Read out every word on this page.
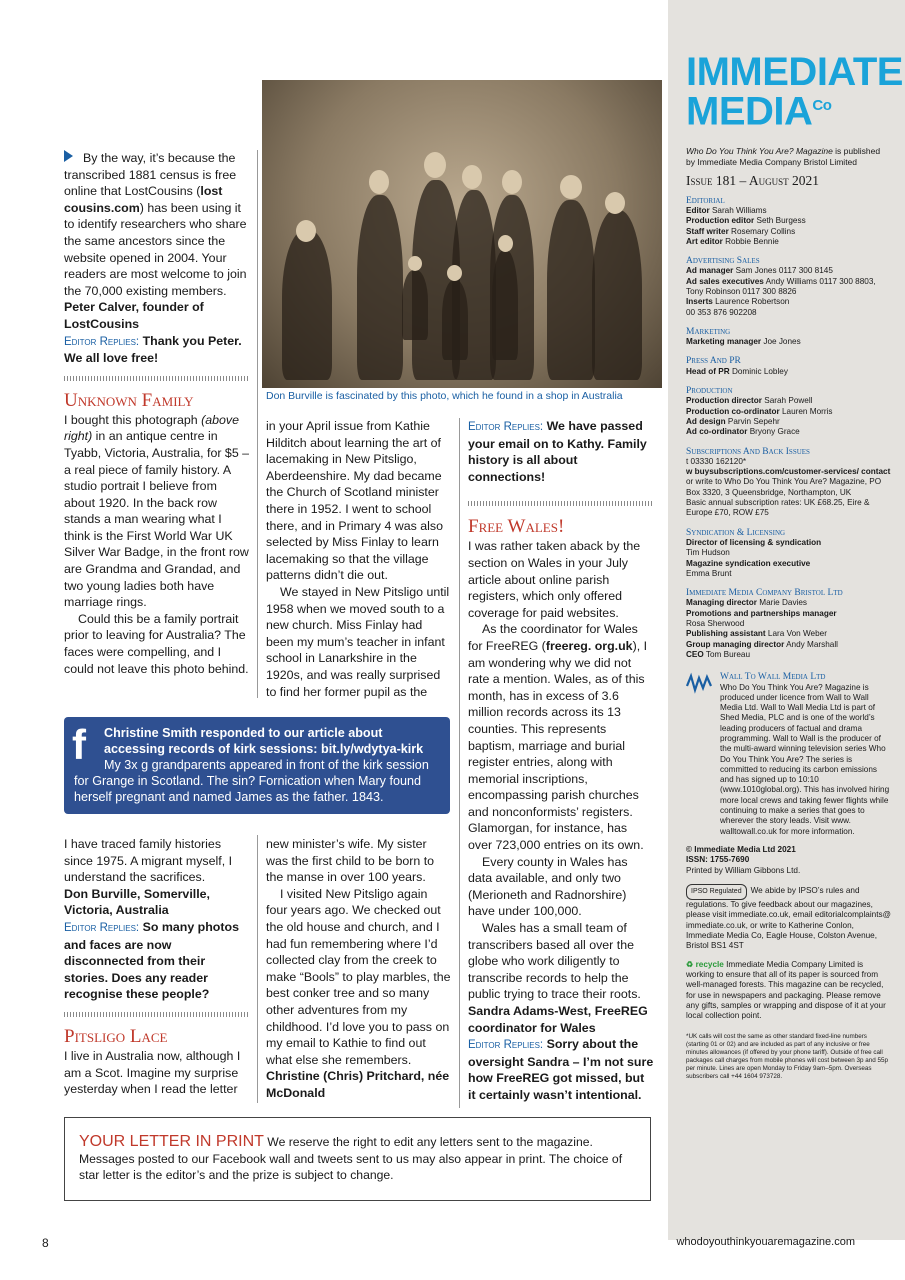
Don Burville is fascinated by this photo, which he found in a shop in Australia

By the way, it’s because the transcribed 1881 census is free online that LostCousins (lost cousins.com) has been using it to identify researchers who share the same ancestors since the website opened in 2004. Your readers are most welcome to join the 70,000 existing members.

Peter Calver, founder of LostCousins

Editor Replies: Thank you Peter. We all love free!

Unknown Family

I bought this photograph (above right) in an antique centre in Tyabb, Victoria, Australia, for $5 – a real piece of family history. A studio portrait I believe from about 1920. In the back row stands a man wearing what I think is the First World War UK Silver War Badge, in the front row are Grandma and Grandad, and two young ladies both have marriage rings.

Could this be a family portrait prior to leaving for Australia? The faces were compelling, and I could not leave this photo behind.

in your April issue from Kathie Hilditch about learning the art of lacemaking in New Pitsligo, Aberdeenshire. My dad became the Church of Scotland minister there in 1952. I went to school there, and in Primary 4 was also selected by Miss Finlay to learn lacemaking so that the village patterns didn’t die out.

We stayed in New Pitsligo until 1958 when we moved south to a new church. Miss Finlay had been my mum’s teacher in infant school in Lanarkshire in the 1920s, and was really surprised to find her former pupil as the

Editor Replies: We have passed your email on to Kathy. Family history is all about connections!

Free Wales!

I was rather taken aback by the section on Wales in your July article about online parish registers, which only offered coverage for paid websites.

As the coordinator for Wales for FreeREG (freereg. org.uk), I am wondering why we did not rate a mention. Wales, as of this month, has in excess of 3.6 million records across its 13 counties. This represents baptism, marriage and burial register entries, along with memorial inscriptions, encompassing parish churches and nonconformists’ registers. Glamorgan, for instance, has over 723,000 entries on its own.

Every county in Wales has data available, and only two (Merioneth and Radnorshire) have under 100,000.

Wales has a small team of transcribers based all over the globe who work diligently to transcribe records to help the public trying to trace their roots.

Sandra Adams-West, FreeREG coordinator for Wales

Editor Replies: Sorry about the oversight Sandra – I’m not sure how FreeREG got missed, but it certainly wasn’t intentional.

f Christine Smith responded to our article about accessing records of kirk sessions: bit.ly/wdytya-kirk

My 3x g grandparents appeared in front of the kirk session for Grange in Scotland. The sin? Fornication when Mary found herself pregnant and named James as the father. 1843.

I have traced family histories since 1975. A migrant myself, I understand the sacrifices.

Don Burville, Somerville, Victoria, Australia

Editor Replies: So many photos and faces are now disconnected from their stories. Does any reader recognise these people?

Pitsligo Lace

I live in Australia now, although I am a Scot. Imagine my surprise yesterday when I read the letter

new minister’s wife. My sister was the first child to be born to the manse in over 100 years.

I visited New Pitsligo again four years ago. We checked out the old house and church, and I had fun remembering where I’d collected clay from the creek to make “Bools” to play marbles, the best conker tree and so many other adventures from my childhood. I’d love you to pass on my email to Kathie to find out what else she remembers.

Christine (Chris) Pritchard, née McDonald

YOUR LETTER IN PRINT We reserve the right to edit any letters sent to the magazine. Messages posted to our Facebook wall and tweets sent to us may also appear in print. The choice of star letter is the editor’s and the prize is subject to change.
IMMEDIATE
$MEDIA^{Co}$

Who Do You Think You Are? Magazine is published by Immediate Media Company Bristol Limited

Issue 181 – August 2021

Editorial

Editor Sarah Williams

Production editor Seth Burgess

Staff writer Rosemary Collins

Art editor Robbie Bennie

Advertising Sales

Ad manager Sam Jones 0117 300 8145

Ad sales executives Andy Williams 0117 300 8803, Tony Robinson 0117 300 8826

Inserts Laurence Robertson

00 353 876 902208

Marketing

Marketing manager Joe Jones

Press And PR

Head of PR Dominic Lobley

Production

Production director Sarah Powell

Production co-ordinator Lauren Morris

Ad design Parvin Sepehr

Ad co-ordinator Bryony Grace

Subscriptions And Back Issues

t 03330 162120*

w buysubscriptions.com/customer-services/ contact

or write to Who Do You Think You Are? Magazine, PO Box 3320, 3 Queensbridge, Northampton, UK

Basic annual subscription rates: UK £68.25, Eire & Europe £70, ROW £75

Syndication & Licensing

Director of licensing & syndication

Tim Hudson

Magazine syndication executive

Emma Brunt

Immediate Media Company Bristol Ltd

Managing director Marie Davies

Promotions and partnerships manager

Rosa Sherwood

Publishing assistant Lara Von Weber

Group managing director Andy Marshall

CEO Tom Bureau

Wall To Wall Media Ltd

Who Do You Think You Are? Magazine is produced under licence from Wall to Wall Media Ltd. Wall to Wall Media Ltd is part of Shed Media, PLC and is one of the world’s leading producers of factual and drama programming. Wall to Wall is the producer of the multi-award winning television series Who Do You Think You Are? The series is committed to reducing its carbon emissions and has signed up to 10:10 (www.1010global.org). This has involved hiring more local crews and taking fewer flights while continuing to make a series that goes to wherever the story leads. Visit www. walltowall.co.uk for more information.

© Immediate Media Ltd 2021

ISSN: 1755-7690

Printed by William Gibbons Ltd.

IPSO Regulated We abide by IPSO’s rules and regulations. To give feedback about our magazines, please visit immediate.co.uk, email editorialcomplaints@ immediate.co.uk, or write to Katherine Conlon, Immediate Media Co, Eagle House, Colston Avenue, Bristol BS1 4ST

♻ recycle Immediate Media Company Limited is working to ensure that all of its paper is sourced from well-managed forests. This magazine can be recycled, for use in newspapers and packaging. Please remove any gifts, samples or wrapping and dispose of it at your local collection point.

*UK calls will cost the same as other standard fixed-line numbers (starting 01 or 02) and are included as part of any inclusive or free minutes allowances (if offered by your phone tariff). Outside of free call packages call charges from mobile phones will cost between 3p and 55p per minute. Lines are open Monday to Friday 9am–5pm. Overseas subscribers call +44 1604 973728.

8	whodoyouthinkyouaremagazine.com
